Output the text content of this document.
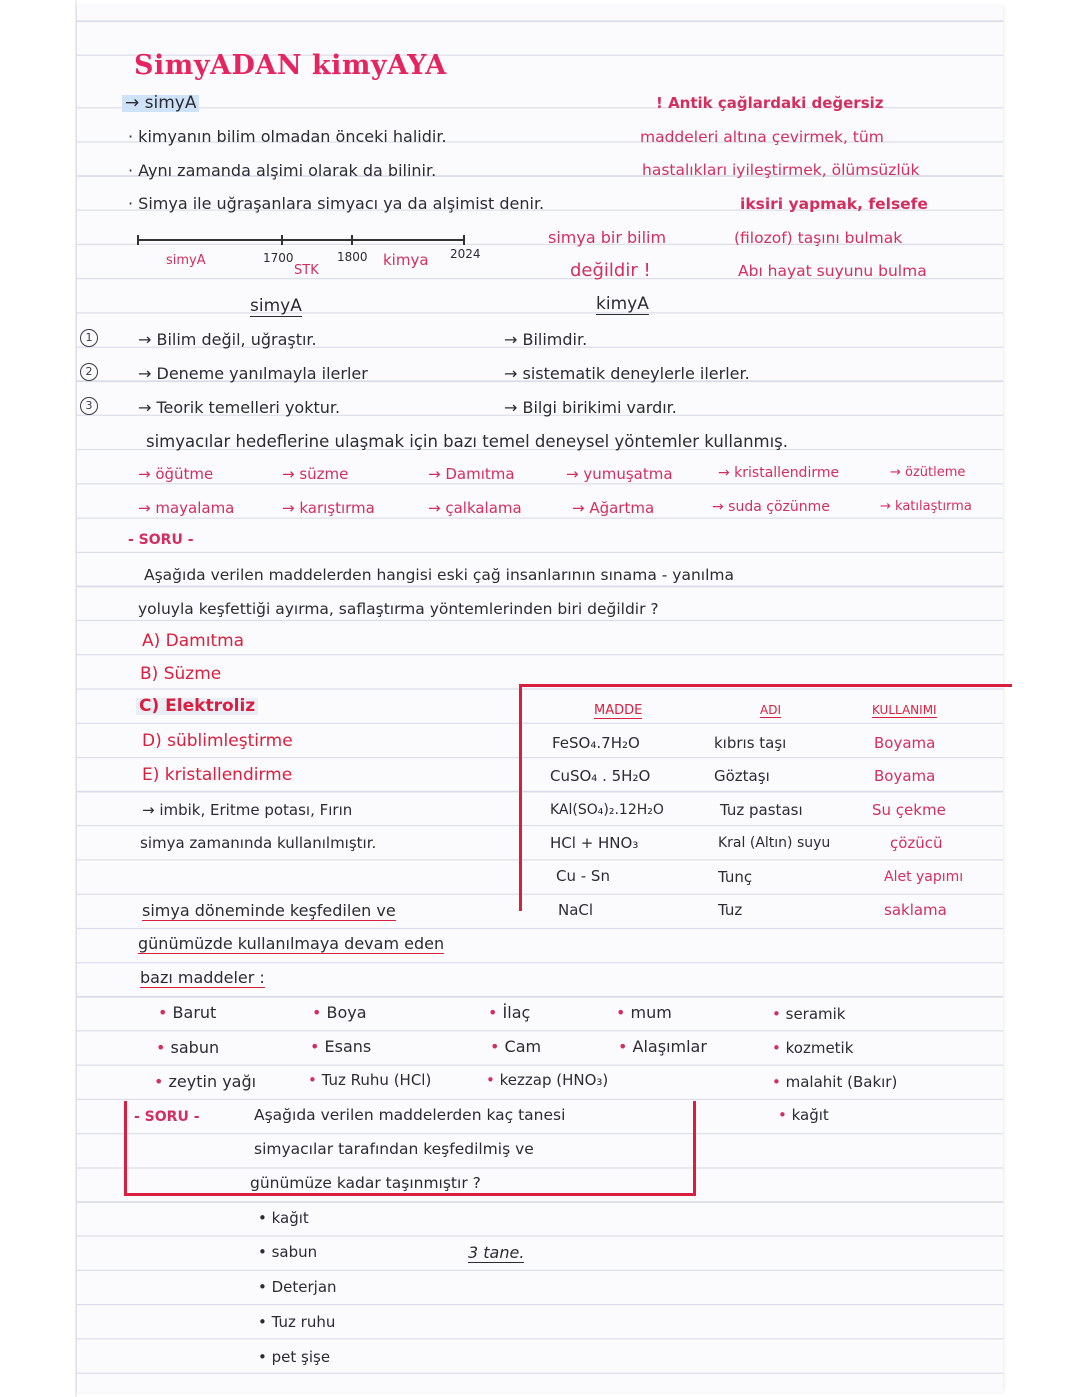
SimyADAN kimyAYA
→ simyA
· kimyanın bilim olmadan önceki halidir.
· Aynı zamanda alşimi olarak da bilinir.
· Simya ile uğraşanlara simyacı ya da alşimist denir.
! Antik çağlardaki değersiz
maddeleri altına çevirmek, tüm
hastalıkları iyileştirmek, ölümsüzlük
iksiri yapmak, felsefe
(filozof) taşını bulmak
Abı hayat suyunu bulma
simya bir bilim
değildir !
simyA	1700
STK
1800 kimya 2024
simyA	kimyA
1
2
3
→ Bilim değil, uğraştır.	→ Bilimdir.
→ Deneme yanılmayla ilerler	→ sistematik deneylerle ilerler.
→ Teorik temelleri yoktur.	→ Bilgi birikimi vardır.
simyacılar hedeflerine ulaşmak için bazı temel deneysel yöntemler kullanmış.
→ öğütme	→ süzme	→ Damıtma	→ yumuşatma	→ kristallendirme	→ özütleme
→ mayalama	→ karıştırma	→ çalkalama	→ Ağartma	→ suda çözünme	→ katılaştırma
- SORU -
Aşağıda verilen maddelerden hangisi eski çağ insanlarının sınama - yanılma
yoluyla keşfettiği ayırma, saflaştırma yöntemlerinden biri değildir ?
A) Damıtma
B) Süzme
C) Elektroliz
D) süblimleştirme
E) kristallendirme
→ imbik, Eritme potası, Fırın
simya zamanında kullanılmıştır.
MADDE	ADI	KULLANIMI
FeSO₄.7H₂O	kıbrıs taşı	Boyama
CuSO₄ . 5H₂O	Göztaşı	Boyama
KAl(SO₄)₂.12H₂O	Tuz pastası	Su çekme
HCl + HNO₃	Kral (Altın) suyu	çözücü
Cu - Sn	Tunç	Alet yapımı
NaCl	Tuz	saklama
simya döneminde keşfedilen ve
günümüzde kullanılmaya devam eden
bazı maddeler :
• Barut	• Boya	• İlaç	• mum	• seramik
• sabun	• Esans	• Cam	• Alaşımlar	• kozmetik
• zeytin yağı	• Tuz Ruhu (HCl)	• kezzap (HNO₃)	• malahit (Bakır)
• kağıt
- SORU -	Aşağıda verilen maddelerden kaç tanesi
simyacılar tarafından keşfedilmiş ve
günümüze kadar taşınmıştır ?
• kağıt
• sabun
• Deterjan
• Tuz ruhu
• pet şişe
3 tane.
